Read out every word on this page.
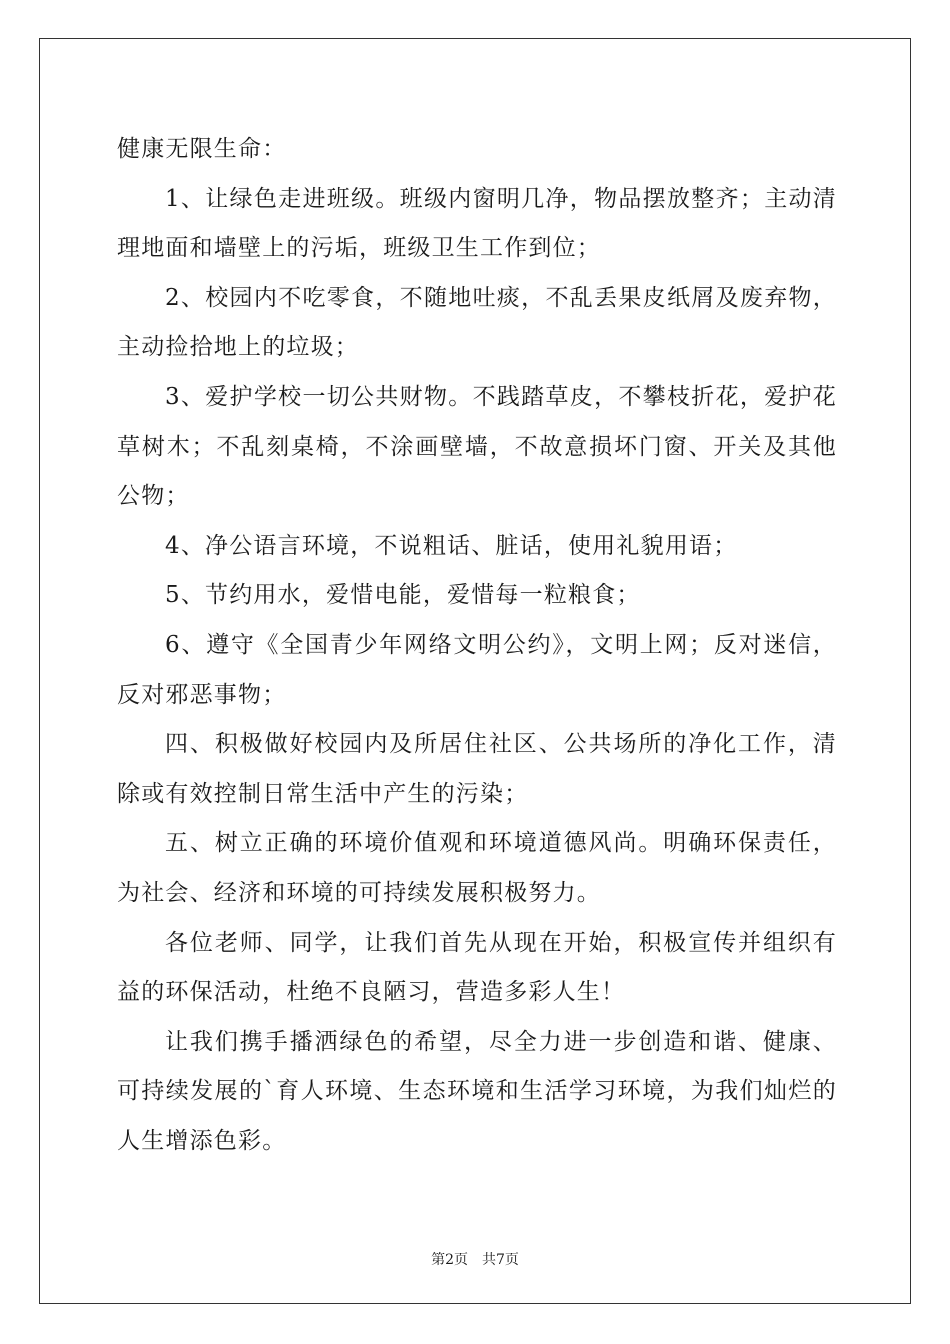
健康无限生命：

1、让绿色走进班级。班级内窗明几净，物品摆放整齐；主动清理地面和墙壁上的污垢，班级卫生工作到位；

2、校园内不吃零食，不随地吐痰，不乱丢果皮纸屑及废弃物，主动捡拾地上的垃圾；

3、爱护学校一切公共财物。不践踏草皮，不攀枝折花，爱护花草树木；不乱刻桌椅，不涂画壁墙，不故意损坏门窗、开关及其他公物；

4、净公语言环境，不说粗话、脏话，使用礼貌用语；

5、节约用水，爱惜电能，爱惜每一粒粮食；

6、遵守《全国青少年网络文明公约》，文明上网；反对迷信，反对邪恶事物；

四、积极做好校园内及所居住社区、公共场所的净化工作，清除或有效控制日常生活中产生的污染；

五、树立正确的环境价值观和环境道德风尚。明确环保责任，为社会、经济和环境的可持续发展积极努力。

各位老师、同学，让我们首先从现在开始，积极宣传并组织有益的环保活动，杜绝不良陋习，营造多彩人生！

让我们携手播洒绿色的希望，尽全力进一步创造和谐、健康、可持续发展的`育人环境、生态环境和生活学习环境，为我们灿烂的人生增添色彩。

第2页 共7页
